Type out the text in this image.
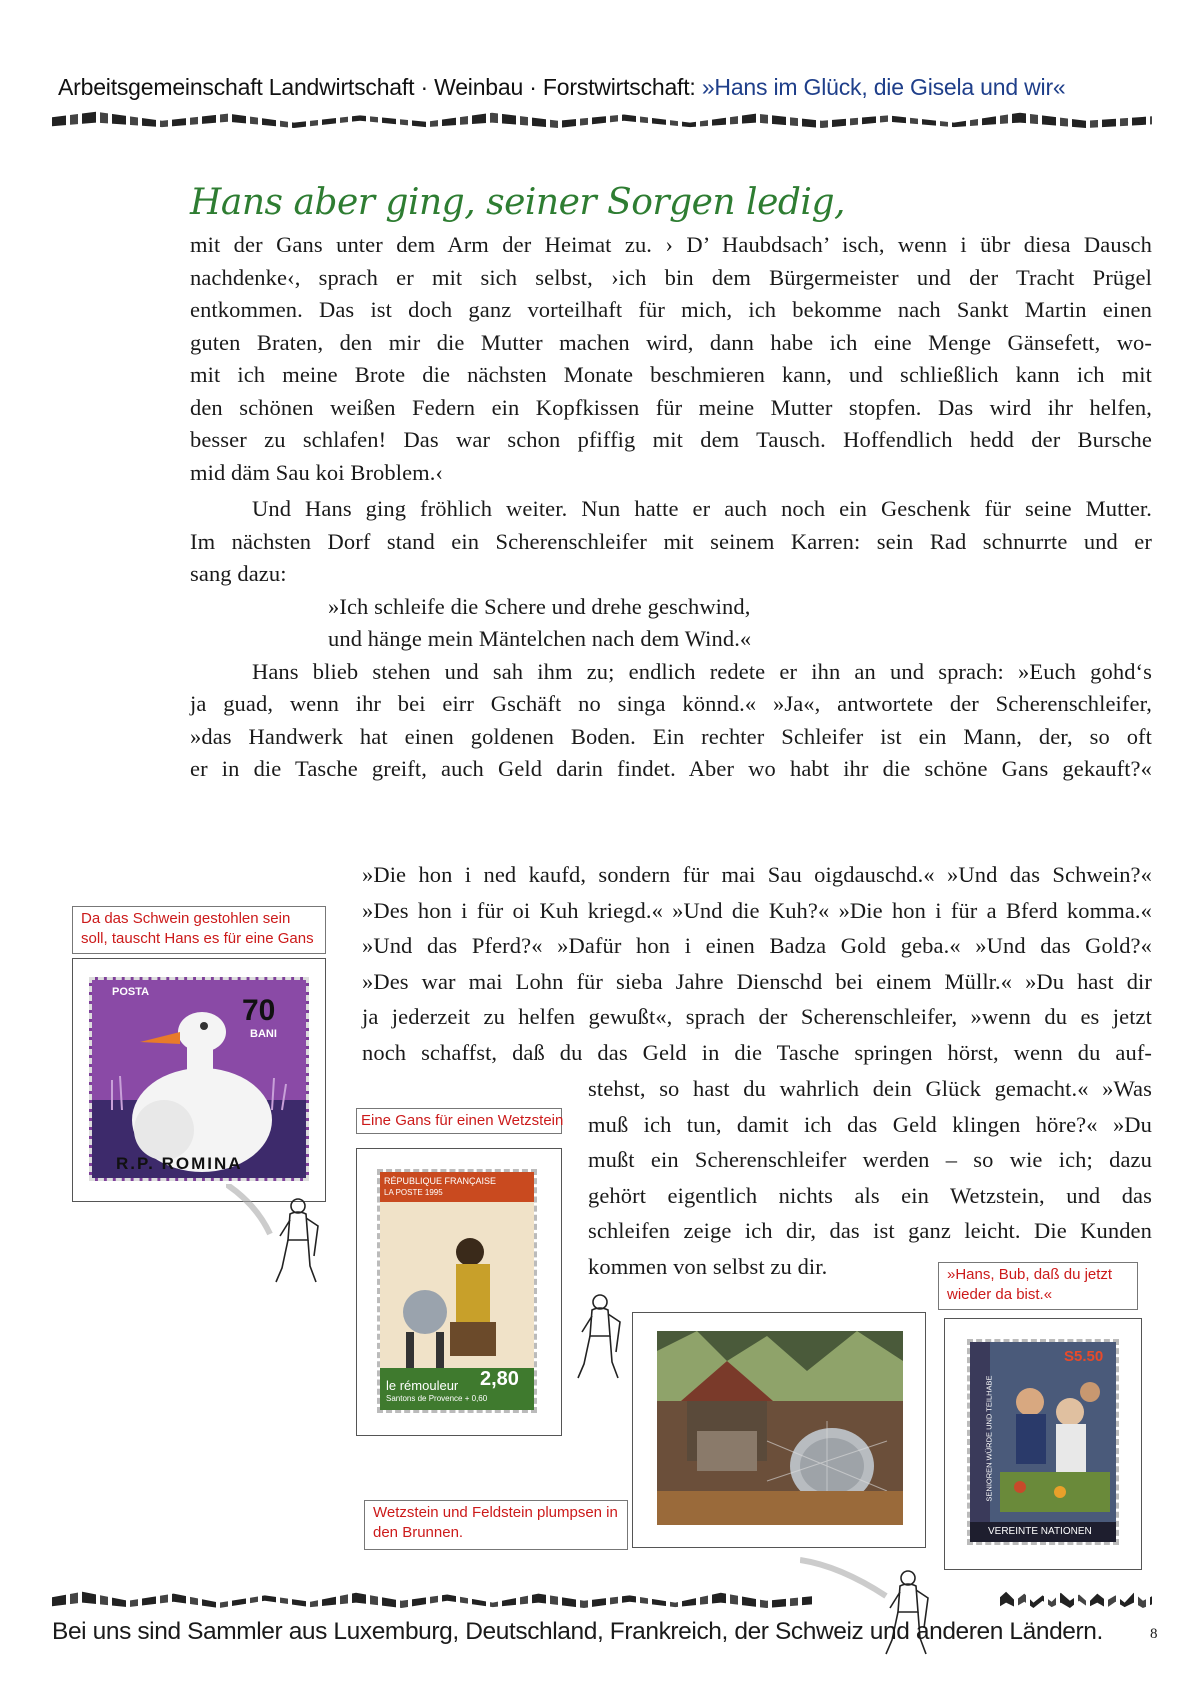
Arbeitsgemeinschaft Landwirtschaft · Weinbau · Forstwirtschaft: »Hans im Glück, die Gisela und wir«
Hans aber ging, seiner Sorgen ledig,
mit der Gans unter dem Arm der Heimat zu. › D’ Haubdsach’ isch, wenn i übr diesa Dausch
nachdenke‹, sprach er mit sich selbst, ›ich bin dem Bürgermeister und der Tracht Prügel
entkommen. Das ist doch ganz vorteilhaft für mich, ich bekomme nach Sankt Martin einen
guten Braten, den mir die Mutter machen wird, dann habe ich eine Menge Gänsefett, wo-
mit ich meine Brote die nächsten Monate beschmieren kann, und schließlich kann ich mit
den schönen weißen Federn ein Kopfkissen für meine Mutter stopfen. Das wird ihr helfen,
besser zu schlafen! Das war schon pfiffig mit dem Tausch. Hoffendlich hedd der Bursche
mid däm Sau koi Broblem.‹
Und Hans ging fröhlich weiter. Nun hatte er auch noch ein Geschenk für seine Mutter.
Im nächsten Dorf stand ein Scherenschleifer mit seinem Karren: sein Rad schnurrte und er
sang dazu:
»Ich schleife die Schere und drehe geschwind,
und hänge mein Mäntelchen nach dem Wind.«
Hans blieb stehen und sah ihm zu; endlich redete er ihn an und sprach: »Euch gohd‘s
ja guad, wenn ihr bei eirr Gschäft no singa könnd.« »Ja«, antwortete der Scherenschleifer,
»das Handwerk hat einen goldenen Boden. Ein rechter Schleifer ist ein Mann, der, so oft
er in die Tasche greift, auch Geld darin findet. Aber wo habt ihr die schöne Gans gekauft?«
»Die hon i ned kaufd, sondern für mai Sau oigdauschd.« »Und das Schwein?«
»Des hon i für oi Kuh kriegd.« »Und die Kuh?« »Die hon i für a Bferd komma.«
»Und das Pferd?« »Dafür hon i einen Badza Gold geba.« »Und das Gold?«
»Des war mai Lohn für sieba Jahre Dienschd bei einem Müllr.« »Du hast dir
ja jederzeit zu helfen gewußt«, sprach der Scherenschleifer, »wenn du es jetzt
noch schaffst, daß du das Geld in die Tasche springen hörst, wenn du auf-
stehst, so hast du wahrlich dein Glück gemacht.« »Was
muß ich tun, damit ich das Geld klingen höre?« »Du
mußt ein Scherenschleifer werden – so wie ich; dazu
gehört eigentlich nichts als ein Wetzstein, und das
schleifen zeige ich dir, das ist ganz leicht. Die Kunden
kommen von selbst zu dir.
Da das Schwein gestohlen sein soll, tauscht Hans es für eine Gans
POSTA
70
BANI
R.P. ROMINA
Eine Gans für einen Wetzstein
RÉPUBLIQUE FRANÇAISE
LA POSTE 1995
2,80
le rémouleur
Santons de Provence + 0,60
Wetzstein und Feldstein plumpsen in den Brunnen.
»Hans, Bub, daß du jetzt wieder da bist.«
S5.50
SENIOREN WÜRDE UND TEILHABE
VEREINTE NATIONEN
Bei uns sind Sammler aus Luxemburg, Deutschland, Frankreich, der Schweiz und anderen Ländern.	8
